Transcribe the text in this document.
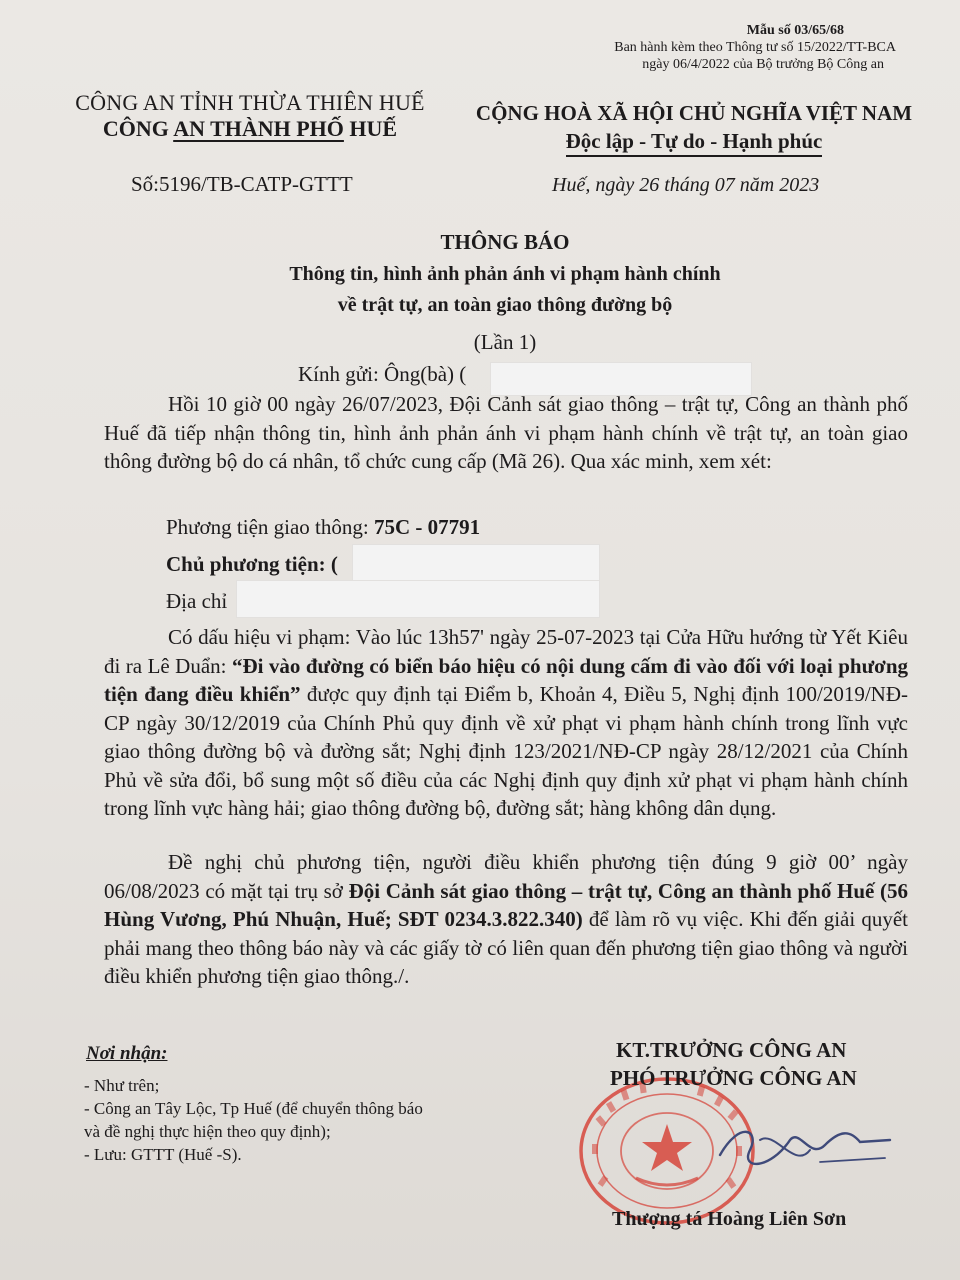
Mẫu số 03/65/68
Ban hành kèm theo Thông tư số 15/2022/TT-BCA
ngày 06/4/2022 của Bộ trưởng Bộ Công an
CÔNG AN TỈNH THỪA THIÊN HUẾ
CÔNG AN THÀNH PHỐ HUẾ
CỘNG HOÀ XÃ HỘI CHỦ NGHĨA VIỆT NAM
Độc lập - Tự do - Hạnh phúc
Số:5196/TB-CATP-GTTT	Huế, ngày 26 tháng 07 năm 2023
THÔNG BÁO
Thông tin, hình ảnh phản ánh vi phạm hành chính
về trật tự, an toàn giao thông đường bộ
(Lần 1)
Kính gửi: Ông(bà) (
Hồi 10 giờ 00 ngày 26/07/2023, Đội Cảnh sát giao thông – trật tự, Công an thành phố Huế đã tiếp nhận thông tin, hình ảnh phản ánh vi phạm hành chính về trật tự, an toàn giao thông đường bộ do cá nhân, tổ chức cung cấp (Mã 26). Qua xác minh, xem xét:
Phương tiện giao thông: 75C - 07791
Chủ phương tiện: (
Địa chỉ
Có dấu hiệu vi phạm: Vào lúc 13h57' ngày 25-07-2023 tại Cửa Hữu hướng từ Yết Kiêu đi ra Lê Duẩn: “Đi vào đường có biển báo hiệu có nội dung cấm đi vào đối với loại phương tiện đang điều khiển” được quy định tại Điểm b, Khoản 4, Điều 5, Nghị định 100/2019/NĐ-CP ngày 30/12/2019 của Chính Phủ quy định về xử phạt vi phạm hành chính trong lĩnh vực giao thông đường bộ và đường sắt; Nghị định 123/2021/NĐ-CP ngày 28/12/2021 của Chính Phủ về sửa đổi, bổ sung một số điều của các Nghị định quy định xử phạt vi phạm hành chính trong lĩnh vực hàng hải; giao thông đường bộ, đường sắt; hàng không dân dụng.
Đề nghị chủ phương tiện, người điều khiển phương tiện đúng 9 giờ 00’ ngày 06/08/2023 có mặt tại trụ sở Đội Cảnh sát giao thông – trật tự, Công an thành phố Huế (56 Hùng Vương, Phú Nhuận, Huế; SĐT 0234.3.822.340) để làm rõ vụ việc. Khi đến giải quyết phải mang theo thông báo này và các giấy tờ có liên quan đến phương tiện giao thông và người điều khiển phương tiện giao thông./.
Nơi nhận:
- Như trên;
- Công an Tây Lộc, Tp Huế (để chuyển thông báo
và đề nghị thực hiện theo quy định);
- Lưu: GTTT (Huế -S).
KT.TRƯỞNG CÔNG AN
PHÓ TRƯỞNG CÔNG AN
Thượng tá Hoàng Liên Sơn
